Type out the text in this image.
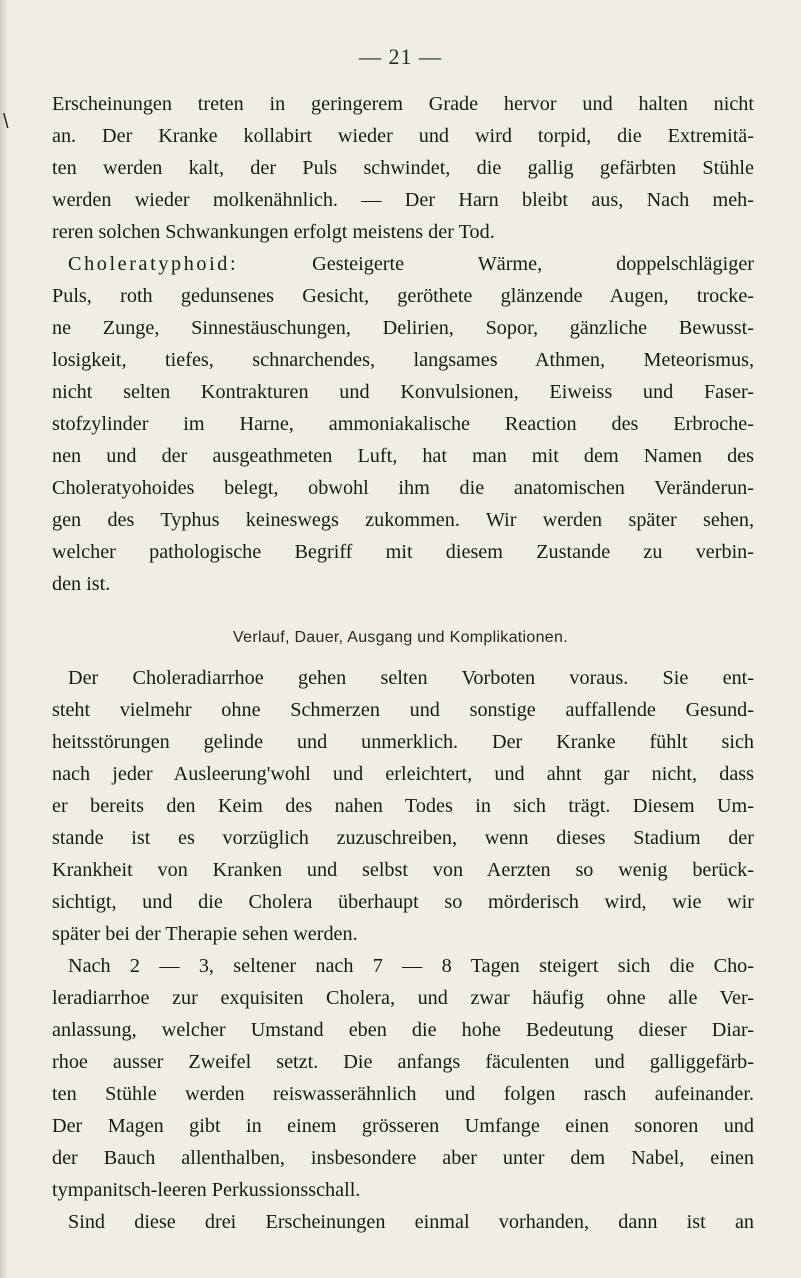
\
— 21 —
Erscheinungen treten in geringerem Grade hervor und halten nicht
an. Der Kranke kollabirt wieder und wird torpid, die Extremitä-
ten werden kalt, der Puls schwindet, die gallig gefärbten Stühle
werden wieder molkenähnlich. — Der Harn bleibt aus, Nach meh-
reren solchen Schwankungen erfolgt meistens der Tod.
Choleratyphoid:	Gesteigerte Wärme, doppelschlägiger
Puls, roth gedunsenes Gesicht, geröthete glänzende Augen, trocke-
ne Zunge, Sinnestäuschungen, Delirien, Sopor, gänzliche Bewusst-
losigkeit, tiefes, schnarchendes, langsames Athmen, Meteorismus,
nicht selten Kontrakturen und Konvulsionen, Eiweiss und Faser-
stofzylinder im Harne, ammoniakalische Reaction des Erbroche-
nen und der ausgeathmeten Luft, hat man mit dem Namen des
Choleratyohoides belegt, obwohl ihm die anatomischen Veränderun-
gen des Typhus keineswegs zukommen. Wir werden später sehen,
welcher pathologische Begriff mit diesem Zustande zu verbin-
den ist.
Verlauf, Dauer, Ausgang und Komplikationen.
Der Choleradiarrhoe gehen selten Vorboten voraus. Sie ent-
steht vielmehr ohne Schmerzen und sonstige auffallende Gesund-
heitsstörungen gelinde und unmerklich. Der Kranke fühlt sich
nach jeder Ausleerung'wohl und erleichtert, und ahnt gar nicht, dass
er bereits den Keim des nahen Todes in sich trägt. Diesem Um-
stande ist es vorzüglich zuzuschreiben, wenn dieses Stadium der
Krankheit von Kranken und selbst von Aerzten so wenig berück-
sichtigt, und die Cholera überhaupt so mörderisch wird, wie wir
später bei der Therapie sehen werden.
Nach 2 — 3, seltener nach 7 — 8 Tagen steigert sich die Cho-
leradiarrhoe zur exquisiten Cholera, und zwar häufig ohne alle Ver-
anlassung, welcher Umstand eben die hohe Bedeutung dieser Diar-
rhoe ausser Zweifel setzt. Die anfangs fäculenten und galliggefärb-
ten Stühle werden reiswasserähnlich und folgen rasch aufeinander.
Der Magen gibt in einem grösseren Umfange einen sonoren und
der Bauch allenthalben, insbesondere aber unter dem Nabel, einen
tympanitsch-leeren Perkussionsschall.
Sind diese drei Erscheinungen einmal vorhanden, dann ist an
